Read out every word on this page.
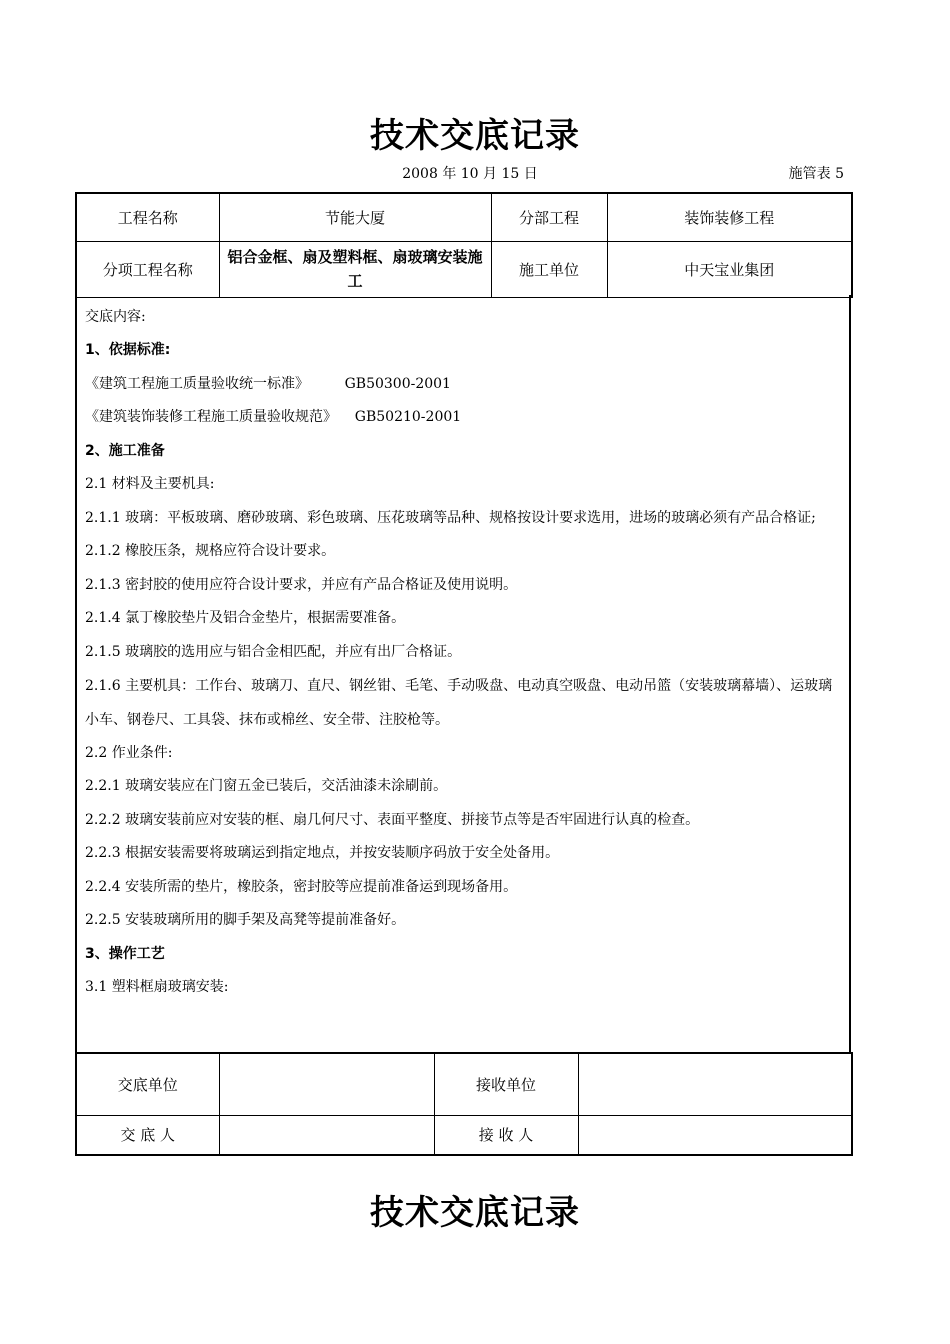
技术交底记录
2008 年 10 月 15 日	施管表 5
工程名称	节能大厦	分部工程	装饰装修工程
分项工程名称	铝合金框、扇及塑料框、扇玻璃安装施工	施工单位	中天宝业集团
交底内容:
1、依据标准:
《建筑工程施工质量验收统一标准》        GB50300-2001
《建筑装饰装修工程施工质量验收规范》    GB50210-2001
2、施工准备
2.1 材料及主要机具:
2.1.1 玻璃：平板玻璃、磨砂玻璃、彩色玻璃、压花玻璃等品种、规格按设计要求选用，进场的玻璃必须有产品合格证;
2.1.2 橡胶压条，规格应符合设计要求。
2.1.3 密封胶的使用应符合设计要求，并应有产品合格证及使用说明。
2.1.4 氯丁橡胶垫片及铝合金垫片，根据需要准备。
2.1.5 玻璃胶的选用应与铝合金相匹配，并应有出厂合格证。
2.1.6 主要机具：工作台、玻璃刀、直尺、钢丝钳、毛笔、手动吸盘、电动真空吸盘、电动吊篮（安装玻璃幕墙）、运玻璃小车、钢卷尺、工具袋、抹布或棉丝、安全带、注胶枪等。
2.2 作业条件:
2.2.1 玻璃安装应在门窗五金已装后，交活油漆未涂刷前。
2.2.2 玻璃安装前应对安装的框、扇几何尺寸、表面平整度、拼接节点等是否牢固进行认真的检查。
2.2.3 根据安装需要将玻璃运到指定地点，并按安装顺序码放于安全处备用。
2.2.4 安装所需的垫片，橡胶条，密封胶等应提前准备运到现场备用。
2.2.5 安装玻璃所用的脚手架及高凳等提前准备好。
3、操作工艺
3.1 塑料框扇玻璃安装:
交底单位		接收单位	
交 底 人		接 收 人	
技术交底记录
